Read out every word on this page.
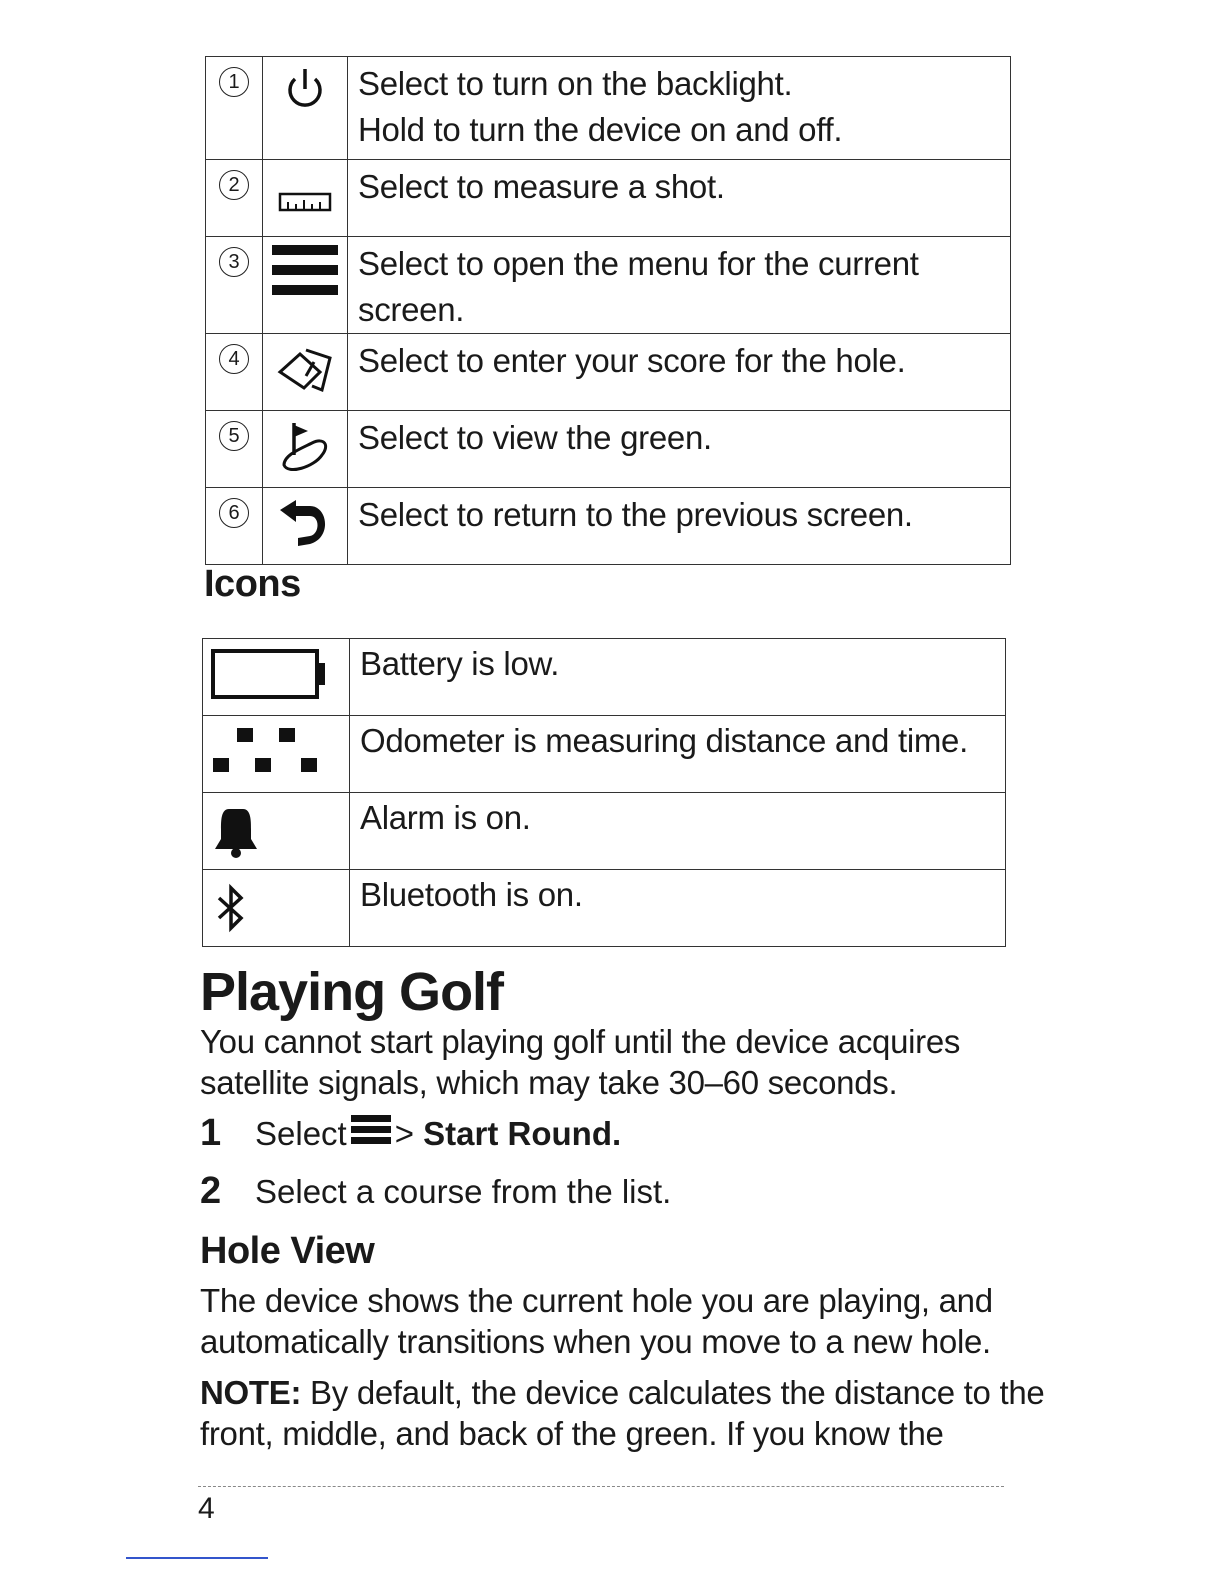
1		Select to turn on the backlight.
Hold to turn the device on and off.

2		Select to measure a shot.

3		Select to open the menu for the current screen.

4		Select to enter your score for the hole.

5		Select to view the green.

6		Select to return to the previous screen.
Icons

Battery is low.

Odometer is measuring distance and time.

Alarm is on.

Bluetooth is on.
Playing Golf
You cannot start playing golf until the device acquires
satellite signals, which may take 30–60 seconds.
1 Select > Start Round.
2 Select a course from the list.
Hole View
The device shows the current hole you are playing, and
automatically transitions when you move to a new hole.
NOTE: By default, the device calculates the distance to the
front, middle, and back of the green. If you know the
4
